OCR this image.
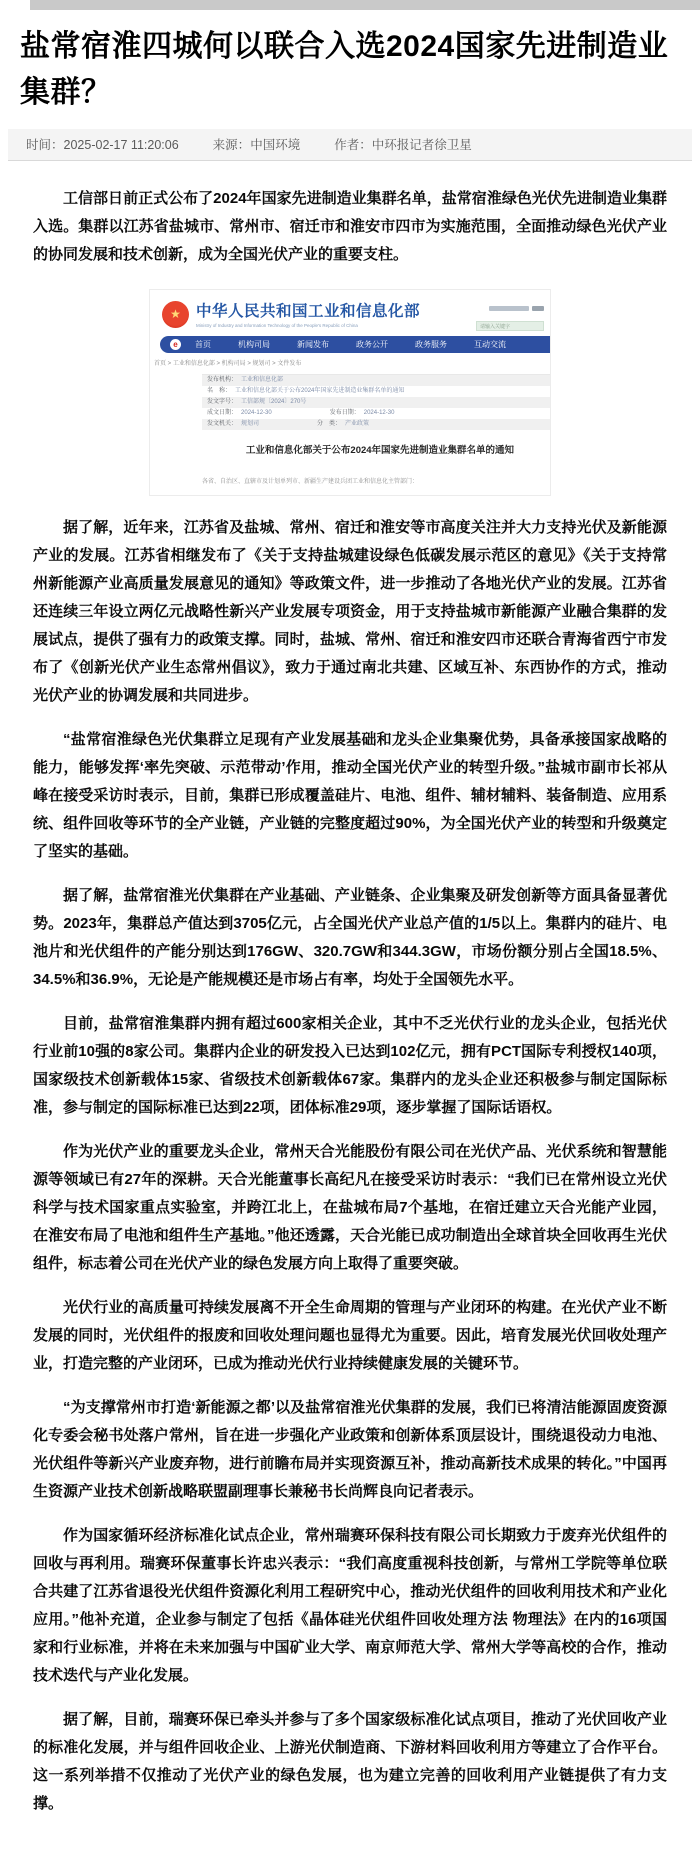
盐常宿淮四城何以联合入选2024国家先进制造业集群？
时间：2025-02-17 11:20:06	来源：中国环境	作者：中环报记者徐卫星

工信部日前正式公布了2024年国家先进制造业集群名单，盐常宿淮绿色光伏先进制造业集群入选。集群以江苏省盐城市、常州市、宿迁市和淮安市四市为实施范围，全面推动绿色光伏产业的协同发展和技术创新，成为全国光伏产业的重要支柱。

★ 中华人民共和国工业和信息化部
Ministry of Industry and Information Technology of the People's Republic of China	请输入关键字
e	首页	机构司局	新闻发布	政务公开	政务服务	互动交流
首页 > 工业和信息化部 > 机构司局 > 规划司 > 文件发布
发布机构： 工业和信息化部
名　称： 工业和信息化部关于公布2024年国家先进制造业集群名单的通知
发文字号： 工信部规〔2024〕270号
成文日期： 2024-12-30	发布日期： 2024-12-30
发文机关： 规划司	分　类： 产业政策
工业和信息化部关于公布2024年国家先进制造业集群名单的通知
各省、自治区、直辖市及计划单列市、新疆生产建设兵团工业和信息化主管部门：

据了解，近年来，江苏省及盐城、常州、宿迁和淮安等市高度关注并大力支持光伏及新能源产业的发展。江苏省相继发布了《关于支持盐城建设绿色低碳发展示范区的意见》《关于支持常州新能源产业高质量发展意见的通知》等政策文件，进一步推动了各地光伏产业的发展。江苏省还连续三年设立两亿元战略性新兴产业发展专项资金，用于支持盐城市新能源产业融合集群的发展试点，提供了强有力的政策支撑。同时，盐城、常州、宿迁和淮安四市还联合青海省西宁市发布了《创新光伏产业生态常州倡议》，致力于通过南北共建、区域互补、东西协作的方式，推动光伏产业的协调发展和共同进步。

“盐常宿淮绿色光伏集群立足现有产业发展基础和龙头企业集聚优势，具备承接国家战略的能力，能够发挥‘率先突破、示范带动’作用，推动全国光伏产业的转型升级。”盐城市副市长祁从峰在接受采访时表示，目前，集群已形成覆盖硅片、电池、组件、辅材辅料、装备制造、应用系统、组件回收等环节的全产业链，产业链的完整度超过90%，为全国光伏产业的转型和升级奠定了坚实的基础。

据了解，盐常宿淮光伏集群在产业基础、产业链条、企业集聚及研发创新等方面具备显著优势。2023年，集群总产值达到3705亿元，占全国光伏产业总产值的1/5以上。集群内的硅片、电池片和光伏组件的产能分别达到176GW、320.7GW和344.3GW，市场份额分别占全国18.5%、34.5%和36.9%，无论是产能规模还是市场占有率，均处于全国领先水平。

目前，盐常宿淮集群内拥有超过600家相关企业，其中不乏光伏行业的龙头企业，包括光伏行业前10强的8家公司。集群内企业的研发投入已达到102亿元，拥有PCT国际专利授权140项，国家级技术创新载体15家、省级技术创新载体67家。集群内的龙头企业还积极参与制定国际标准，参与制定的国际标准已达到22项，团体标准29项，逐步掌握了国际话语权。

作为光伏产业的重要龙头企业，常州天合光能股份有限公司在光伏产品、光伏系统和智慧能源等领域已有27年的深耕。天合光能董事长高纪凡在接受采访时表示：“我们已在常州设立光伏科学与技术国家重点实验室，并跨江北上，在盐城布局7个基地，在宿迁建立天合光能产业园，在淮安布局了电池和组件生产基地。”他还透露，天合光能已成功制造出全球首块全回收再生光伏组件，标志着公司在光伏产业的绿色发展方向上取得了重要突破。

光伏行业的高质量可持续发展离不开全生命周期的管理与产业闭环的构建。在光伏产业不断发展的同时，光伏组件的报废和回收处理问题也显得尤为重要。因此，培育发展光伏回收处理产业，打造完整的产业闭环，已成为推动光伏行业持续健康发展的关键环节。

“为支撑常州市打造‘新能源之都’以及盐常宿淮光伏集群的发展，我们已将清洁能源固废资源化专委会秘书处落户常州，旨在进一步强化产业政策和创新体系顶层设计，围绕退役动力电池、光伏组件等新兴产业废弃物，进行前瞻布局并实现资源互补，推动高新技术成果的转化。”中国再生资源产业技术创新战略联盟副理事长兼秘书长尚辉良向记者表示。

作为国家循环经济标准化试点企业，常州瑞赛环保科技有限公司长期致力于废弃光伏组件的回收与再利用。瑞赛环保董事长许忠兴表示：“我们高度重视科技创新，与常州工学院等单位联合共建了江苏省退役光伏组件资源化利用工程研究中心，推动光伏组件的回收利用技术和产业化应用。”他补充道，企业参与制定了包括《晶体硅光伏组件回收处理方法 物理法》在内的16项国家和行业标准，并将在未来加强与中国矿业大学、南京师范大学、常州大学等高校的合作，推动技术迭代与产业化发展。

据了解，目前，瑞赛环保已牵头并参与了多个国家级标准化试点项目，推动了光伏回收产业的标准化发展，并与组件回收企业、上游光伏制造商、下游材料回收利用方等建立了合作平台。这一系列举措不仅推动了光伏产业的绿色发展，也为建立完善的回收利用产业链提供了有力支撑。
